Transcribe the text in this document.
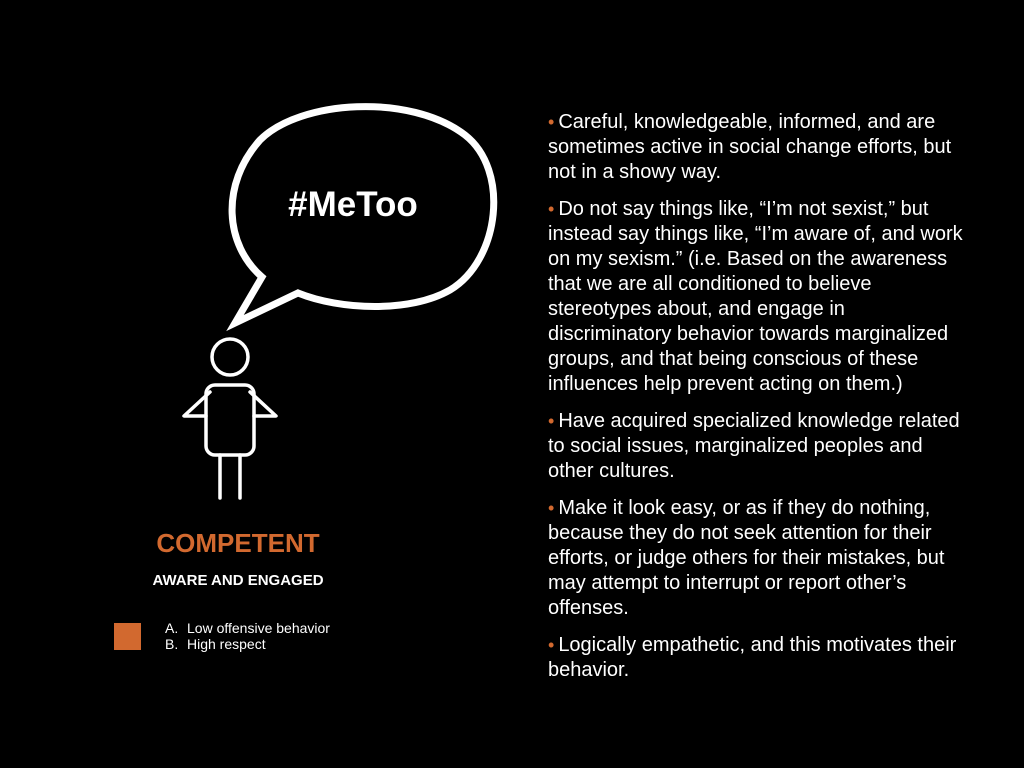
#MeToo
COMPETENT
AWARE AND ENGAGED
A. Low offensive behavior
B. High respect
• Careful, knowledgeable, informed, and are sometimes active in social change efforts, but not in a showy way.
• Do not say things like, “I’m not sexist,” but instead say things like, “I’m aware of, and work on my sexism.” (i.e. Based on the awareness that we are all conditioned to believe stereotypes about, and engage in discriminatory behavior towards marginalized groups, and that being conscious of these influences help prevent acting on them.)
• Have acquired specialized knowledge related to social issues, marginalized peoples and other cultures.
• Make it look easy, or as if they do nothing, because they do not seek attention for their efforts, or judge others for their mistakes, but may attempt to interrupt or report other’s offenses.
• Logically empathetic, and this motivates their behavior.
